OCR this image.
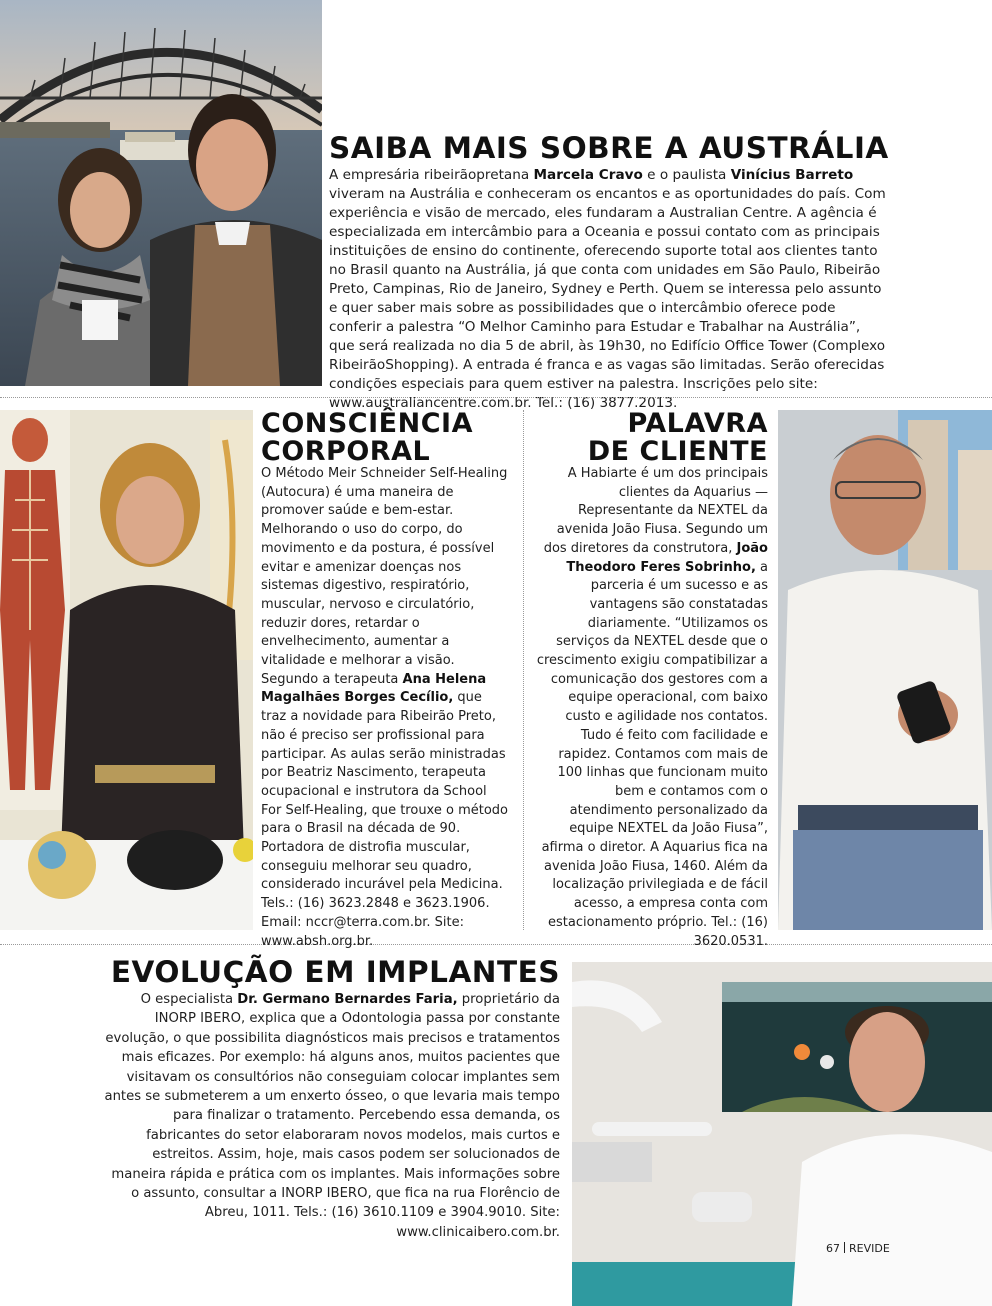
SAIBA MAIS SOBRE A AUSTRÁLIA

A empresária ribeirãopretana Marcela Cravo e o paulista Vinícius Barreto viveram na Austrália e conheceram os encantos e as oportunidades do país. Com experiência e visão de mercado, eles fundaram a Australian Centre. A agência é especializada em intercâmbio para a Oceania e possui contato com as principais instituições de ensino do continente, oferecendo suporte total aos clientes tanto no Brasil quanto na Austrália, já que conta com unidades em São Paulo, Ribeirão Preto, Campinas, Rio de Janeiro, Sydney e Perth. Quem se interessa pelo assunto e quer saber mais sobre as possibilidades que o intercâmbio oferece pode conferir a palestra “O Melhor Caminho para Estudar e Trabalhar na Austrália”, que será realizada no dia 5 de abril, às 19h30, no Edifício Office Tower (Complexo RibeirãoShopping). A entrada é franca e as vagas são limitadas. Serão oferecidas condições especiais para quem estiver na palestra. Inscrições pelo site: www.australiancentre.com.br. Tel.: (16) 3877.2013.

CONSCIÊNCIA
CORPORAL

O Método Meir Schneider Self-Healing (Autocura) é uma maneira de promover saúde e bem-estar. Melhorando o uso do corpo, do movimento e da postura, é possível evitar e amenizar doenças nos sistemas digestivo, respiratório, muscular, nervoso e circulatório, reduzir dores, retardar o envelhecimento, aumentar a vitalidade e melhorar a visão. Segundo a terapeuta Ana Helena Magalhães Borges Cecílio, que traz a novidade para Ribeirão Preto, não é preciso ser profissional para participar. As aulas serão ministradas por Beatriz Nascimento, terapeuta ocupacional e instrutora da School For Self-Healing, que trouxe o método para o Brasil na década de 90. Portadora de distrofia muscular, conseguiu melhorar seu quadro, considerado incurável pela Medicina. Tels.: (16) 3623.2848 e 3623.1906. Email: nccr@terra.com.br. Site: www.absh.org.br.

PALAVRA
DE CLIENTE

A Habiarte é um dos principais clientes da Aquarius — Representante da NEXTEL da avenida João Fiusa. Segundo um dos diretores da construtora, João Theodoro Feres Sobrinho, a parceria é um sucesso e as vantagens são constatadas diariamente. “Utilizamos os serviços da NEXTEL desde que o crescimento exigiu compatibilizar a comunicação dos gestores com a equipe operacional, com baixo custo e agilidade nos contatos. Tudo é feito com facilidade e rapidez. Contamos com mais de 100 linhas que funcionam muito bem e contamos com o atendimento personalizado da equipe NEXTEL da João Fiusa”, afirma o diretor. A Aquarius fica na avenida João Fiusa, 1460. Além da localização privilegiada e de fácil acesso, a empresa conta com estacionamento próprio. Tel.: (16) 3620.0531.

EVOLUÇÃO EM IMPLANTES

O especialista Dr. Germano Bernardes Faria, proprietário da INORP IBERO, explica que a Odontologia passa por constante evolução, o que possibilita diagnósticos mais precisos e tratamentos mais eficazes. Por exemplo: há alguns anos, muitos pacientes que visitavam os consultórios não conseguiam colocar implantes sem antes se submeterem a um enxerto ósseo, o que levaria mais tempo para finalizar o tratamento. Percebendo essa demanda, os fabricantes do setor elaboraram novos modelos, mais curtos e estreitos. Assim, hoje, mais casos podem ser solucionados de maneira rápida e prática com os implantes. Mais informações sobre o assunto, consultar a INORP IBERO, que fica na rua Florêncio de Abreu, 1011. Tels.: (16) 3610.1109 e 3904.9010. Site: www.clinicaibero.com.br.

67 REVIDE
